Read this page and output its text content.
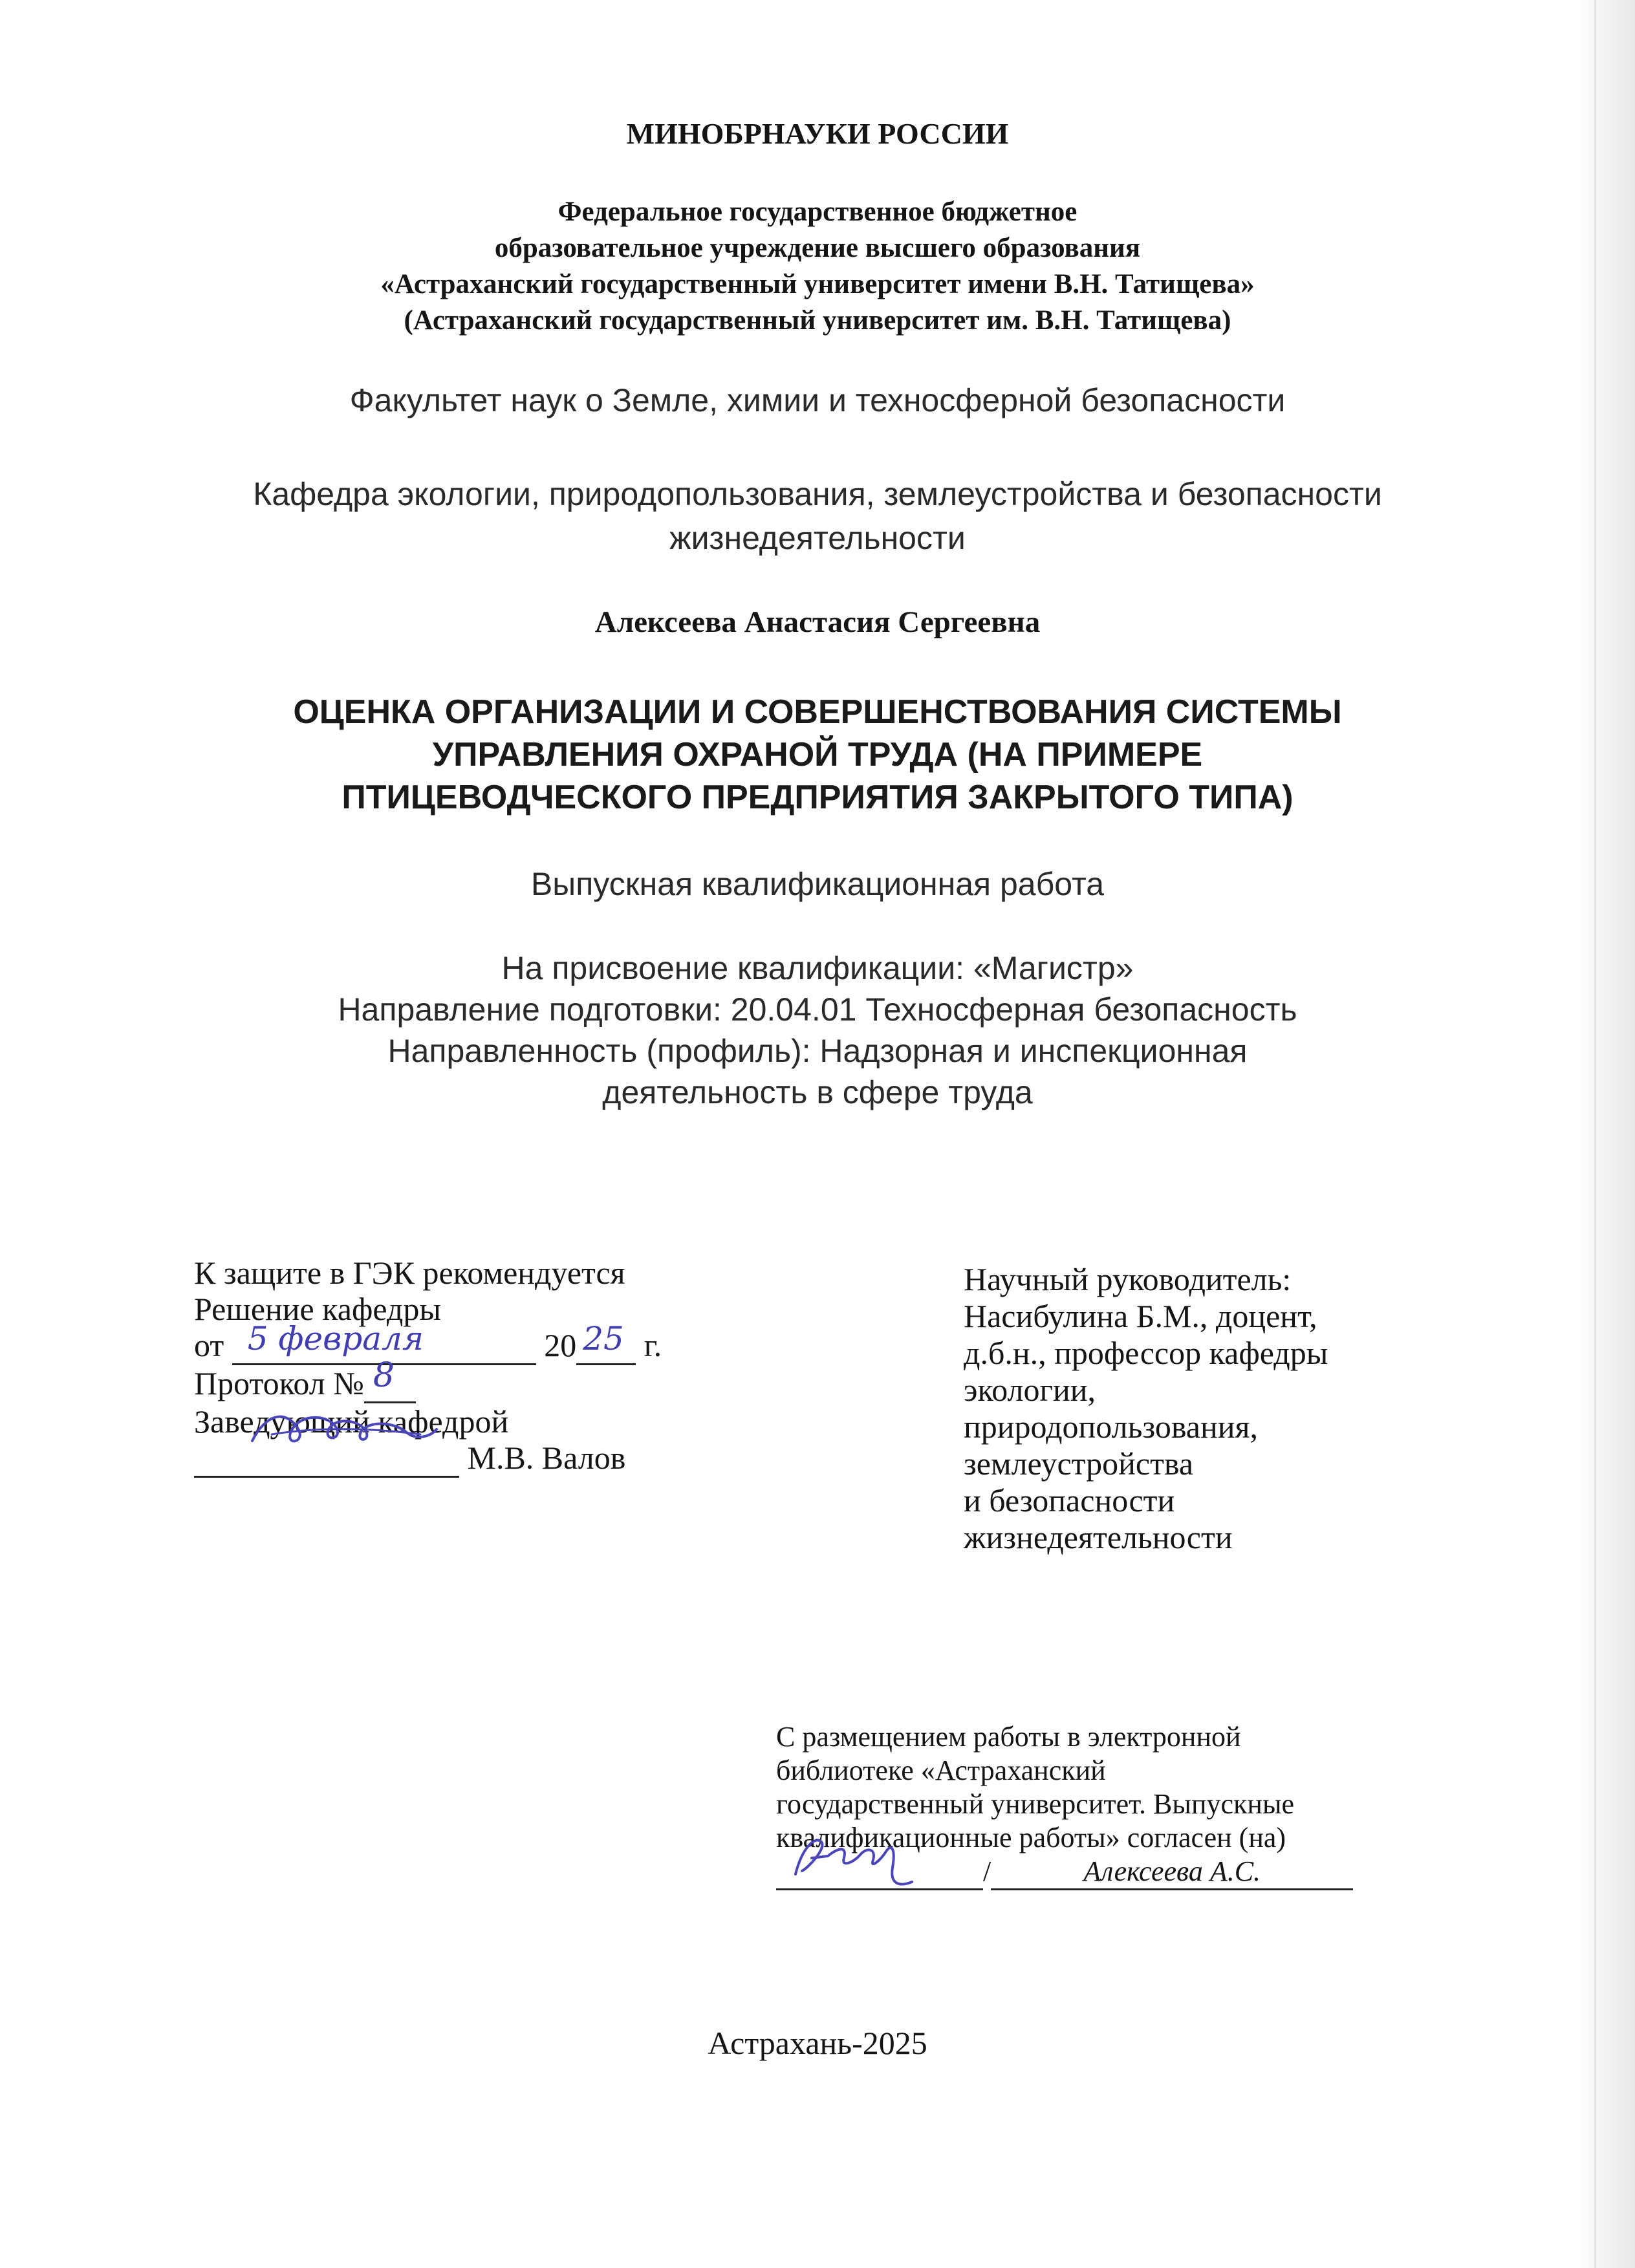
МИНОБРНАУКИ РОССИИ
Федеральное государственное бюджетное
образовательное учреждение высшего образования
«Астраханский государственный университет имени В.Н. Татищева»
(Астраханский государственный университет им. В.Н. Татищева)
Факультет наук о Земле, химии и техносферной безопасности
Кафедра экологии, природопользования, землеустройства и безопасности
жизнедеятельности
Алексеева Анастасия Сергеевна
ОЦЕНКА ОРГАНИЗАЦИИ И СОВЕРШЕНСТВОВАНИЯ СИСТЕМЫ
УПРАВЛЕНИЯ ОХРАНОЙ ТРУДА (НА ПРИМЕРЕ
ПТИЦЕВОДЧЕСКОГО ПРЕДПРИЯТИЯ ЗАКРЫТОГО ТИПА)
Выпускная квалификационная работа
На присвоение квалификации: «Магистр»
Направление подготовки: 20.04.01 Техносферная безопасность
Направленность (профиль): Надзорная и инспекционная
деятельность в сфере труда
К защите в ГЭК рекомендуется
Решение кафедры
от 5 февраля	20 25 г.
Протокол № 8

Заведующий кафедрой

М.В. Валов
Научный руководитель:
Насибулина Б.М., доцент,
д.б.н., профессор кафедры
экологии,
природопользования,
землеустройства
и безопасности
жизнедеятельности
С размещением работы в электронной
библиотеке «Астраханский
государственный университет. Выпускные
квалификационные работы» согласен (на)

/	Алексеева А.С.
Астрахань-2025
